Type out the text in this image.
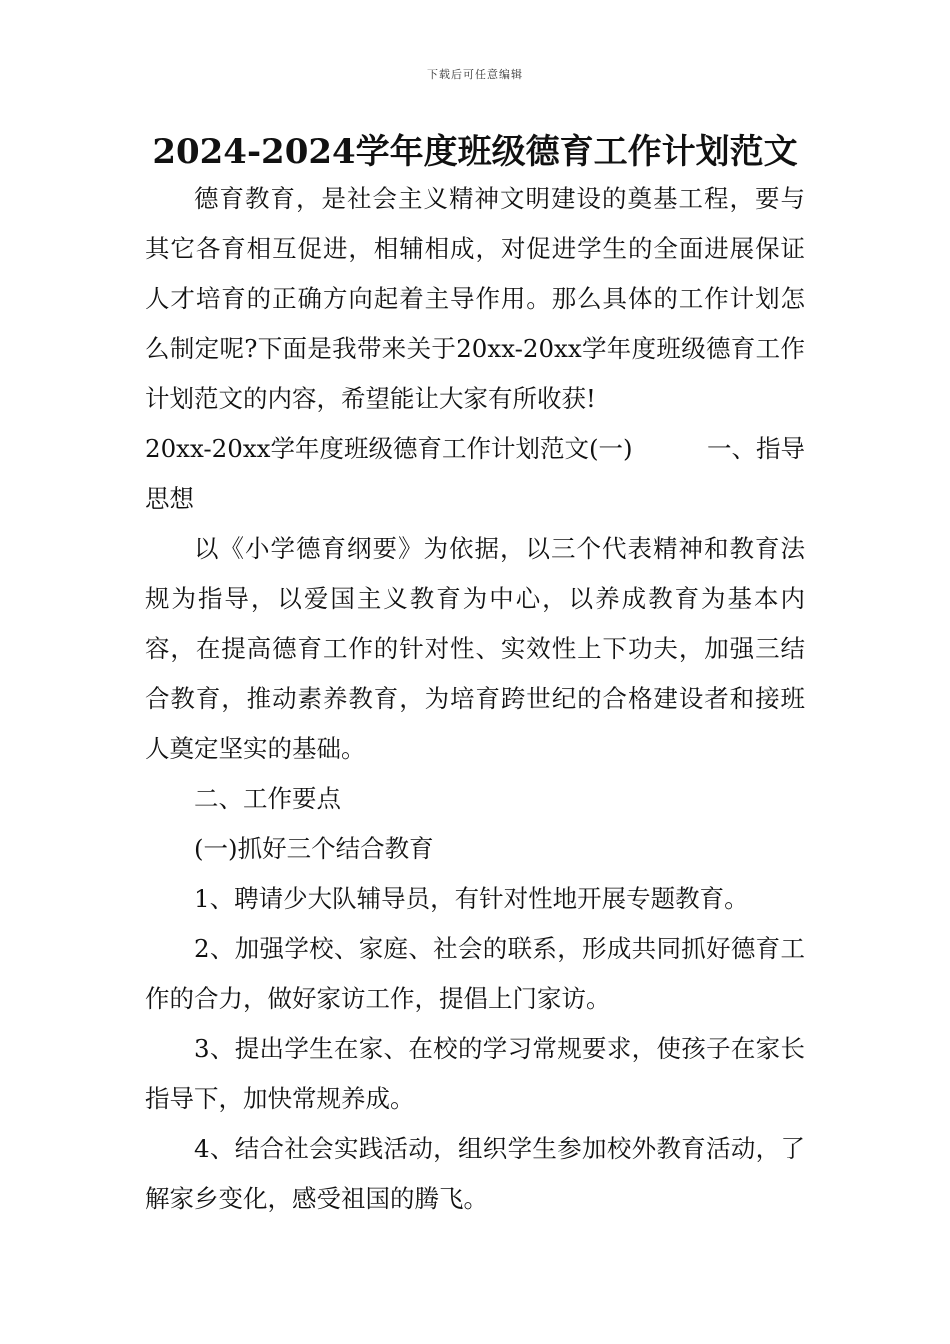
下载后可任意编辑
2024-2024学年度班级德育工作计划范文

德育教育，是社会主义精神文明建设的奠基工程，要与其它各育相互促进，相辅相成，对促进学生的全面进展保证人才培育的正确方向起着主导作用。那么具体的工作计划怎么制定呢?下面是我带来关于20xx-20xx学年度班级德育工作计划范文的内容，希望能让大家有所收获!

20xx-20xx学年度班级德育工作计划范文(一)	一、指导

思想

以《小学德育纲要》为依据，以三个代表精神和教育法规为指导，以爱国主义教育为中心，以养成教育为基本内容，在提高德育工作的针对性、实效性上下功夫，加强三结合教育，推动素养教育，为培育跨世纪的合格建设者和接班人奠定坚实的基础。

二、工作要点

(一)抓好三个结合教育

1、聘请少大队辅导员，有针对性地开展专题教育。

2、加强学校、家庭、社会的联系，形成共同抓好德育工作的合力，做好家访工作，提倡上门家访。

3、提出学生在家、在校的学习常规要求，使孩子在家长指导下，加快常规养成。

4、结合社会实践活动，组织学生参加校外教育活动，了解家乡变化，感受祖国的腾飞。
